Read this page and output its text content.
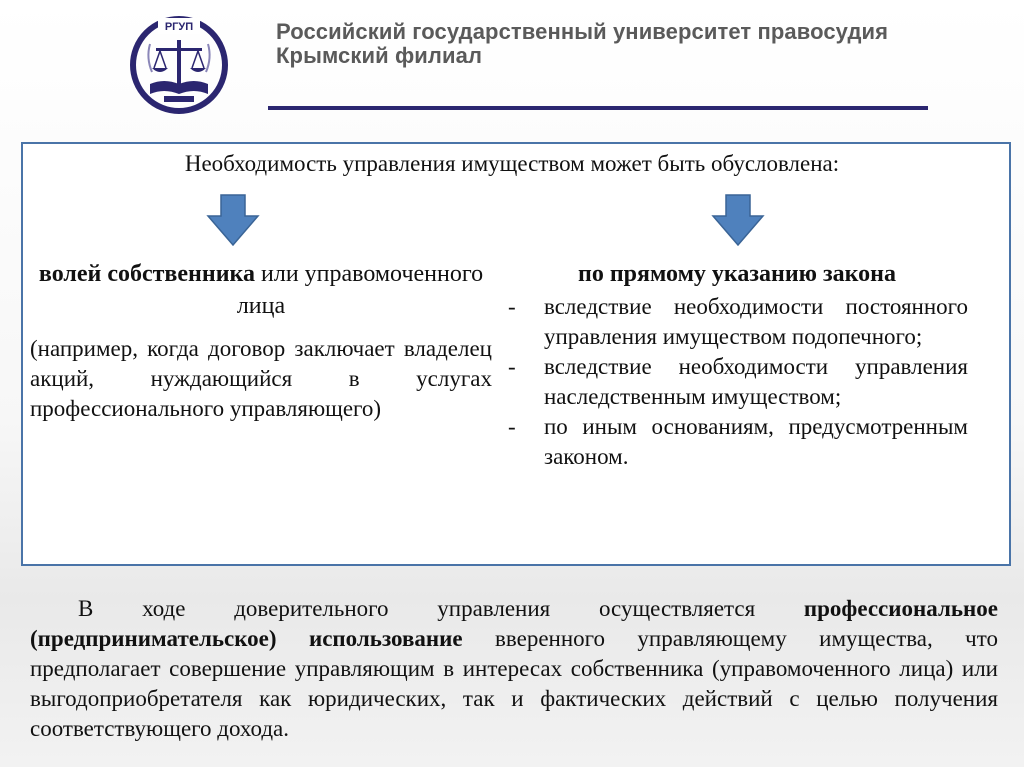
РГУП	Российский государственный университет правосудия
Крымский филиал
Необходимость управления имуществом может быть обусловлена:
волей собственника или управомоченного лица
(например, когда договор заключает владелец акций, нуждающийся в услугах профессионального управляющего)
по прямому указанию закона
- вследствие необходимости постоянного управления имуществом подопечного;
- вследствие необходимости управления наследственным имуществом;
- по иным основаниям, предусмотренным законом.
В ходе доверительного управления осуществляется профессиональное (предпринимательское) использование вверенного управляющему имущества, что предполагает совершение управляющим в интересах собственника (управомоченного лица) или выгодоприобретателя как юридических, так и фактических действий с целью получения соответствующего дохода.
